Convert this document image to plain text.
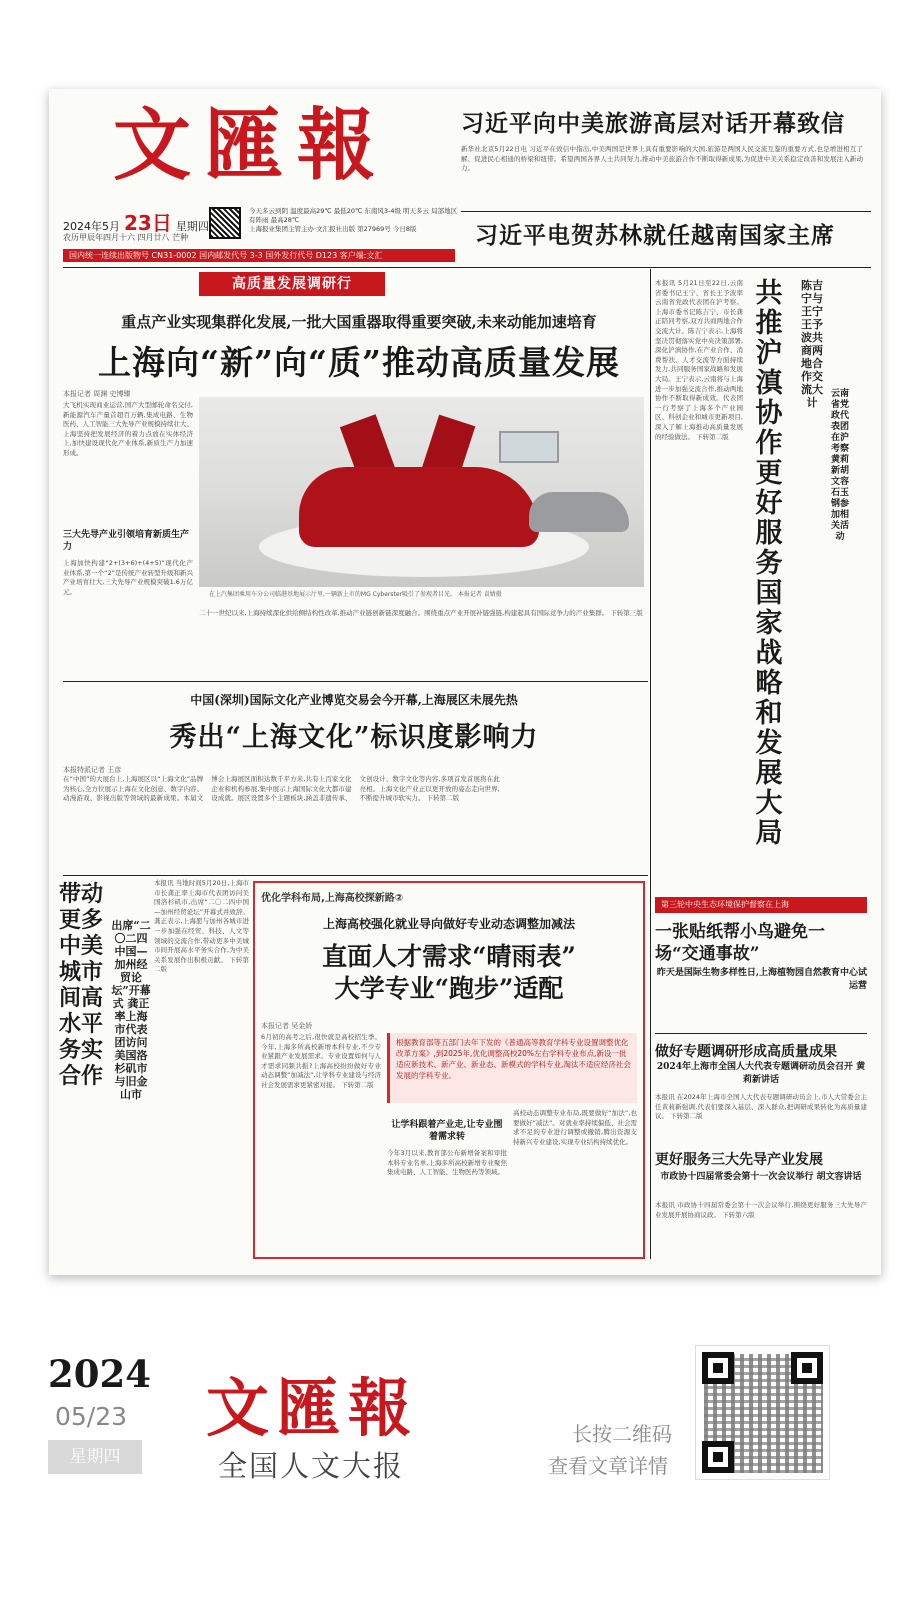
文匯報
2024年5月 23日 星期四
农历甲辰年四月十六 四月廿八 芒种
今天多云到阴 温度最高29℃ 最低20℃ 东南风3-4级 明天多云 局部地区有阵雨 最高28℃
上海报业集团主管主办·文汇报社出版 第27969号 今日8版
国内统一连续出版物号 CN31-0002 国内邮发代号 3-3 国外发行代号 D123 客户端:文汇
习近平向中美旅游高层对话开幕致信
新华社北京5月22日电 习近平在致信中指出,中美两国是世界上具有重要影响的大国,旅游是两国人民交流互鉴的重要方式,也是增进相互了解、促进民心相通的桥梁和纽带。希望两国各界人士共同努力,推动中美旅游合作不断取得新成果,为促进中美关系稳定改善和发展注入新动力。
习近平电贺苏林就任越南国家主席
高质量发展调研行
重点产业实现集群化发展,一批大国重器取得重要突破,未来动能加速培育
上海向“新”向“质”推动高质量发展
本报记者 周渊 史博臻
大飞机实现商业运营,国产大型邮轮命名交付,新能源汽车产量首超百万辆,集成电路、生物医药、人工智能三大先导产业规模持续壮大。上海坚持把发展经济的着力点放在实体经济上,加快建设现代化产业体系,新质生产力加速形成。
在上汽集团乘用车分公司临港基地展示厅里,一辆新上市的MG Cyberster吸引了参观者目光。 本报记者 袁婧摄
三大先导产业引领培育新质生产力
上海加快构建“2+(3+6)+(4+5)”现代化产业体系,第一个“2”是传统产业转型升级和新兴产业培育壮大,三大先导产业规模突破1.6万亿元。
二十一世纪以来,上海持续深化供给侧结构性改革,推动产业链创新链深度融合。围绕重点产业开展补链强链,构建起具有国际竞争力的产业集群。 下转第三版
中国(深圳)国际文化产业博览交易会今开幕,上海展区未展先热
秀出“上海文化”标识度影响力
本报特派记者 王彦
在“中国”的大展台上,上海展区以“上海文化”品牌为核心,全方位展示上海在文化创意、数字内容、动漫游戏、影视出版等领域的最新成果。本届文博会上海展区面积达数千平方米,共有上百家文化企业和机构参展,集中展示上海国际文化大都市建设成就。展区设置多个主题板块,涵盖非遗传承、文创设计、数字文化等内容,多项首发首展将在此亮相。上海文化产业正以更开放的姿态走向世界,不断提升城市软实力。 下转第二版
带动更多中美城市间高水平务实合作
出席“二〇二四中国—加州经贸论坛”开幕式 龚正率上海市代表团访问美国洛杉矶市与旧金山市
本报讯 当地时间5月20日,上海市市长龚正率上海市代表团访问美国洛杉矶市,出席“二〇二四中国—加州经贸论坛”开幕式并致辞。龚正表示,上海愿与加州各城市进一步加强在经贸、科技、人文等领域的交流合作,带动更多中美城市间开展高水平务实合作,为中美关系发展作出积极贡献。 下转第二版
优化学科布局,上海高校探新路②
上海高校强化就业导向做好专业动态调整加减法
直面人才需求“晴雨表”
大学专业“跑步”适配
本报记者 吴金娇
6月初的高考之后,很快就是高校招生季。今年,上海多所高校新增本科专业,不少专业紧跟产业发展需求。专业设置如何与人才需求同频共振?上海高校纷纷做好专业动态调整“加减法”,让学科专业建设与经济社会发展需求更紧密对接。 下转第二版
根据教育部等五部门去年下发的《普通高等教育学科专业设置调整优化改革方案》,到2025年,优化调整高校20%左右学科专业布点,新设一批适应新技术、新产业、新业态、新模式的学科专业,淘汰不适应经济社会发展的学科专业。
让学科跟着产业走,让专业围着需求转
今年3月以来,教育部公布新增备案和审批本科专业名单,上海多所高校新增专业聚焦集成电路、人工智能、生物医药等领域。
高校动态调整专业布局,既要做好“加法”,也要做好“减法”。对就业率持续偏低、社会需求不足的专业进行调整或撤销,腾出资源支持新兴专业建设,实现专业结构持续优化。
共推沪滇协作更好服务国家战略和发展大局
陈吉宁与王宁王予波共商两地合作交流大计
云南省党政代表团在沪考察 黄莉新胡文容石玉钢参加相关活动
本报讯 5月21日至22日,云南省委书记王宁、省长王予波率云南省党政代表团在沪考察。上海市委书记陈吉宁、市长龚正陪同考察,双方共商两地合作交流大计。陈吉宁表示,上海将坚决贯彻落实党中央决策部署,深化沪滇协作,在产业合作、消费帮扶、人才交流等方面持续发力,共同服务国家战略和发展大局。王宁表示,云南将与上海进一步加强交流合作,推动两地协作不断取得新成效。代表团一行考察了上海多个产业园区、科创企业和城市更新项目,深入了解上海推动高质量发展的经验做法。 下转第二版
第三轮中央生态环境保护督察在上海
一张贴纸帮小鸟避免一场“交通事故”
昨天是国际生物多样性日,上海植物园自然教育中心试运营
做好专题调研形成高质量成果
2024年上海市全国人大代表专题调研动员会召开 黄莉新讲话
本报讯 在2024年上海市全国人大代表专题调研动员会上,市人大常委会主任黄莉新强调,代表们要深入基层、深入群众,把调研成果转化为高质量建议。 下转第二版
更好服务三大先导产业发展
市政协十四届常委会第十一次会议举行 胡文容讲话
本报讯 市政协十四届常委会第十一次会议举行,围绕更好服务三大先导产业发展开展协商议政。 下转第六版
2024
05/23
星期四
文匯報
全国人文大报
长按二维码
查看文章详情
